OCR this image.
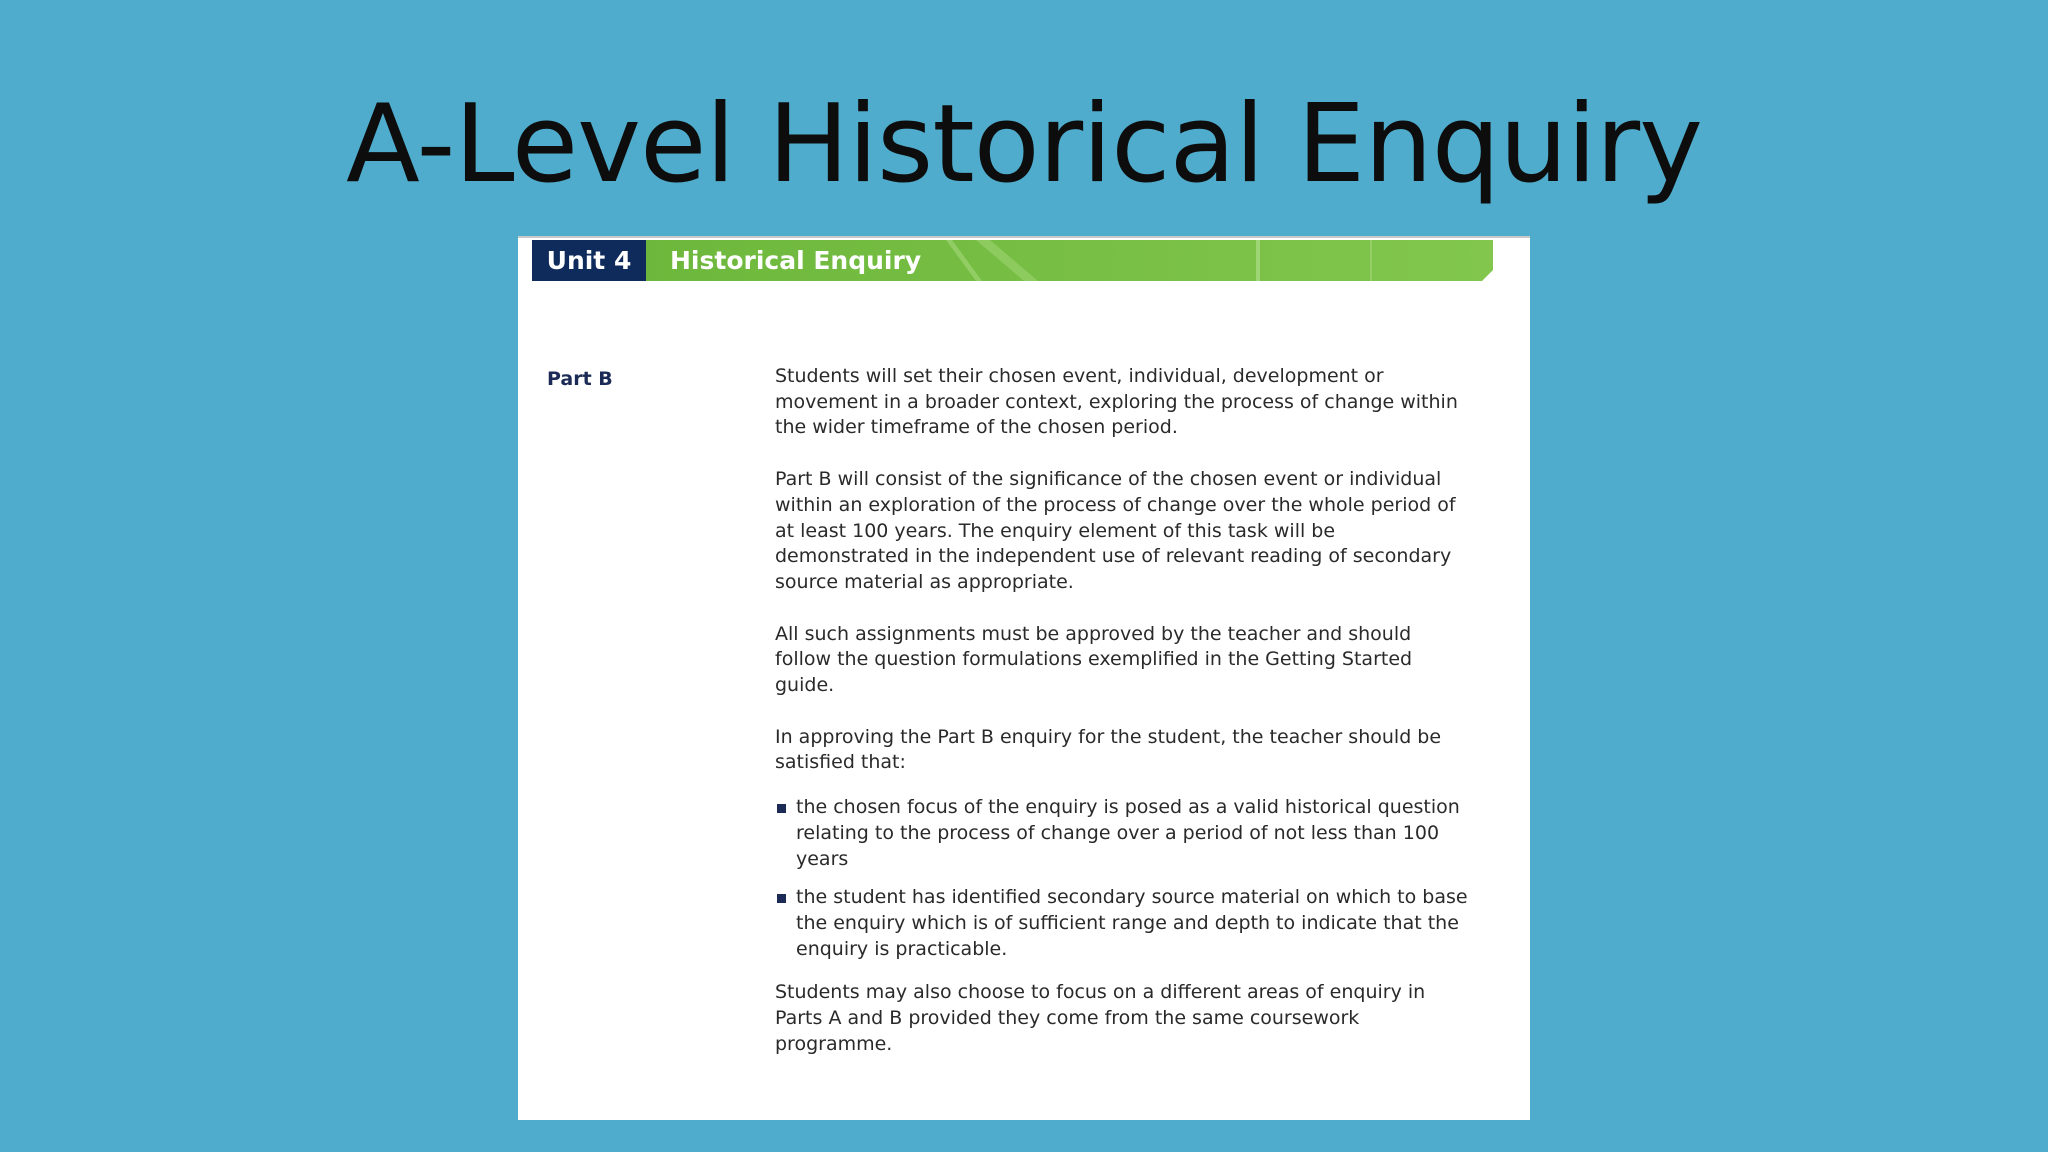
A-Level Historical Enquiry
Unit 4	Historical Enquiry
Part B	Students will set their chosen event, individual, development or movement in a broader context, exploring the process of change within the wider timeframe of the chosen period.

Part B will consist of the significance of the chosen event or individual within an exploration of the process of change over the whole period of at least 100 years. The enquiry element of this task will be demonstrated in the independent use of relevant reading of secondary source material as appropriate.

All such assignments must be approved by the teacher and should follow the question formulations exemplified in the Getting Started guide.

In approving the Part B enquiry for the student, the teacher should be satisfied that:

the chosen focus of the enquiry is posed as a valid historical question relating to the process of change over a period of not less than 100 years
the student has identified secondary source material on which to base the enquiry which is of sufficient range and depth to indicate that the enquiry is practicable.

Students may also choose to focus on a different areas of enquiry in Parts A and B provided they come from the same coursework programme.
